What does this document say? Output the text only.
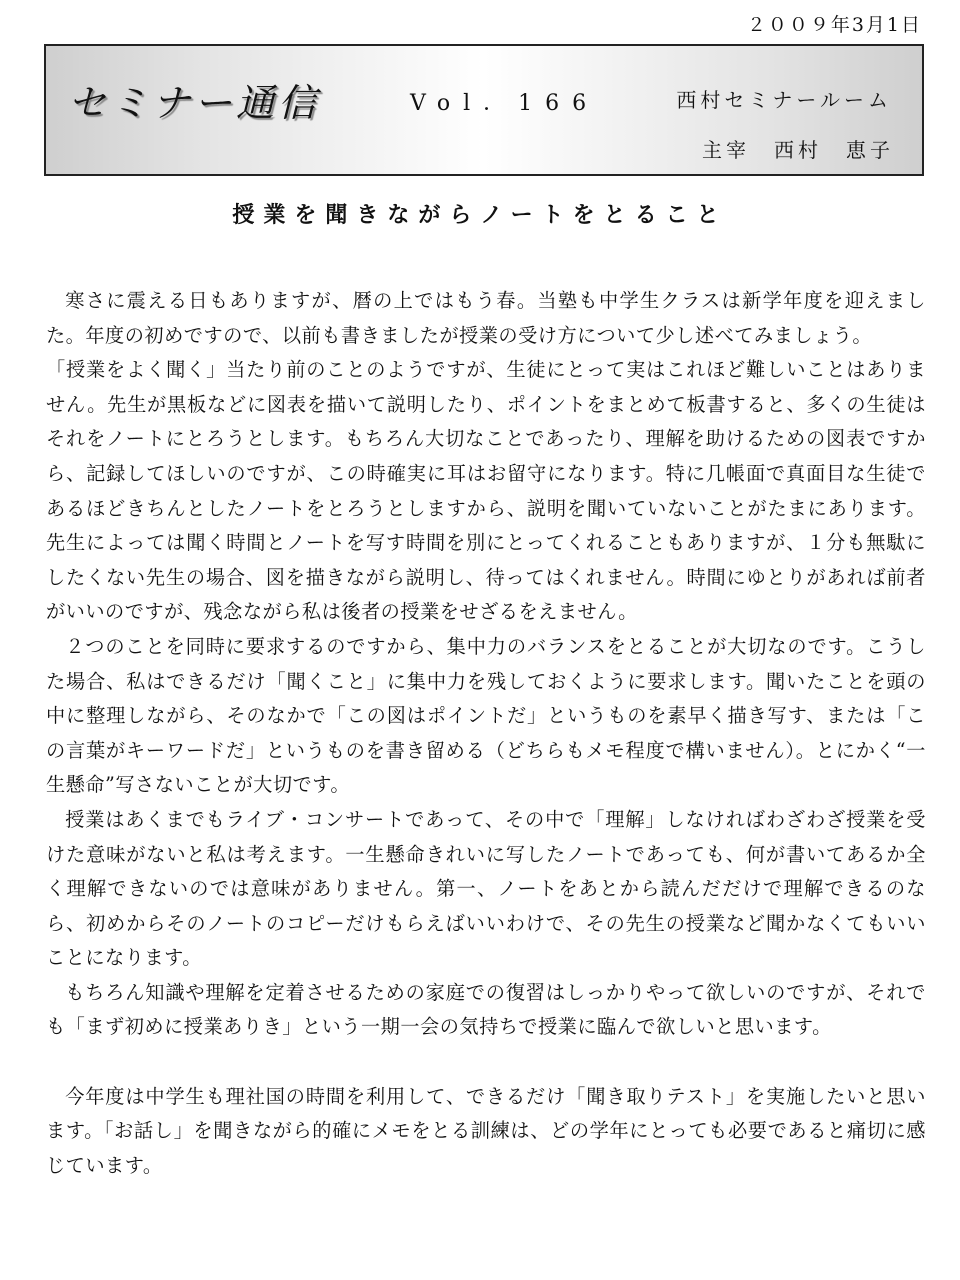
２００９年3月1日
セミナー通信	Vol．166	西村セミナールーム
主宰　西村　恵子
授業を聞きながらノートをとること

寒さに震える日もありますが、暦の上ではもう春。当塾も中学生クラスは新学年度を迎えました。年度の初めですので、以前も書きましたが授業の受け方について少し述べてみましょう。

「授業をよく聞く」当たり前のことのようですが、生徒にとって実はこれほど難しいことはありません。先生が黒板などに図表を描いて説明したり、ポイントをまとめて板書すると、多くの生徒はそれをノートにとろうとします。もちろん大切なことであったり、理解を助けるための図表ですから、記録してほしいのですが、この時確実に耳はお留守になります。特に几帳面で真面目な生徒であるほどきちんとしたノートをとろうとしますから、説明を聞いていないことがたまにあります。先生によっては聞く時間とノートを写す時間を別にとってくれることもありますが、１分も無駄にしたくない先生の場合、図を描きながら説明し、待ってはくれません。時間にゆとりがあれば前者がいいのですが、残念ながら私は後者の授業をせざるをえません。

２つのことを同時に要求するのですから、集中力のバランスをとることが大切なのです。こうした場合、私はできるだけ「聞くこと」に集中力を残しておくように要求します。聞いたことを頭の中に整理しながら、そのなかで「この図はポイントだ」というものを素早く描き写す、または「この言葉がキーワードだ」というものを書き留める（どちらもメモ程度で構いません）。とにかく“一生懸命”写さないことが大切です。

授業はあくまでもライブ・コンサートであって、その中で「理解」しなければわざわざ授業を受けた意味がないと私は考えます。一生懸命きれいに写したノートであっても、何が書いてあるか全く理解できないのでは意味がありません。第一、ノートをあとから読んだだけで理解できるのなら、初めからそのノートのコピーだけもらえばいいわけで、その先生の授業など聞かなくてもいいことになります。

もちろん知識や理解を定着させるための家庭での復習はしっかりやって欲しいのですが、それでも「まず初めに授業ありき」という一期一会の気持ちで授業に臨んで欲しいと思います。

今年度は中学生も理社国の時間を利用して、できるだけ「聞き取りテスト」を実施したいと思います。「お話し」を聞きながら的確にメモをとる訓練は、どの学年にとっても必要であると痛切に感じています。
